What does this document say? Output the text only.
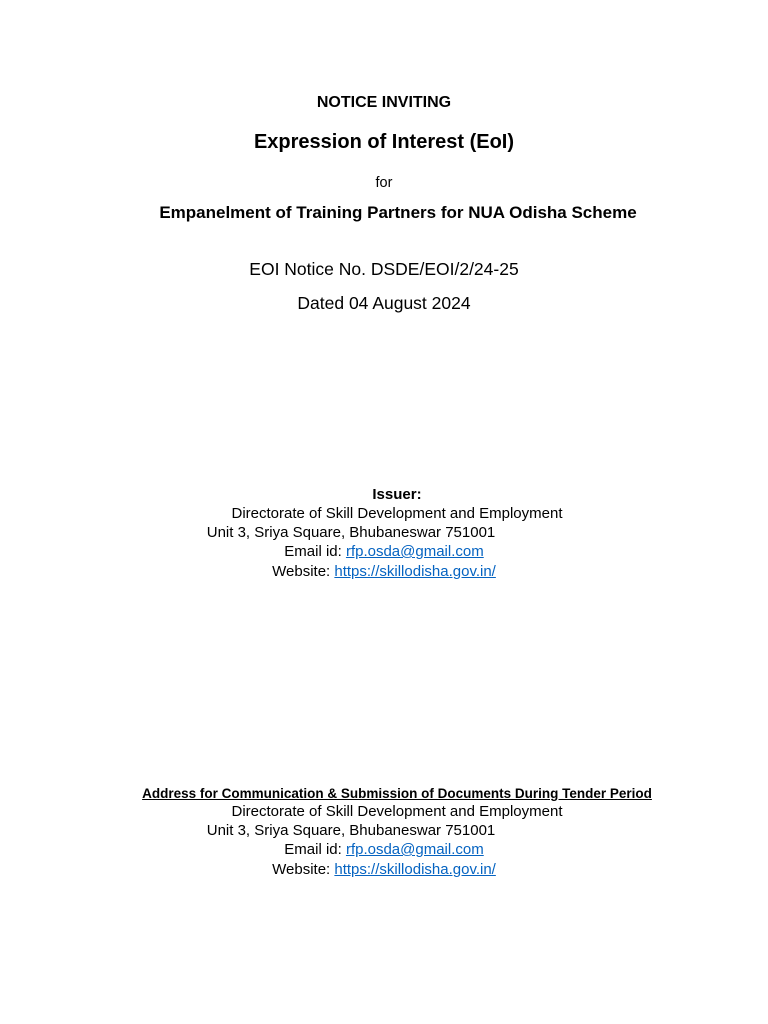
NOTICE INVITING
Expression of Interest (EoI)
for
Empanelment of Training Partners for NUA Odisha Scheme
EOI Notice No. DSDE/EOI/2/24-25
Dated 04 August 2024
Issuer:
Directorate of Skill Development and Employment
Unit 3, Sriya Square, Bhubaneswar 751001
Email id: rfp.osda@gmail.com
Website: https://skillodisha.gov.in/
Address for Communication & Submission of Documents During Tender Period
Directorate of Skill Development and Employment
Unit 3, Sriya Square, Bhubaneswar 751001
Email id: rfp.osda@gmail.com
Website: https://skillodisha.gov.in/
